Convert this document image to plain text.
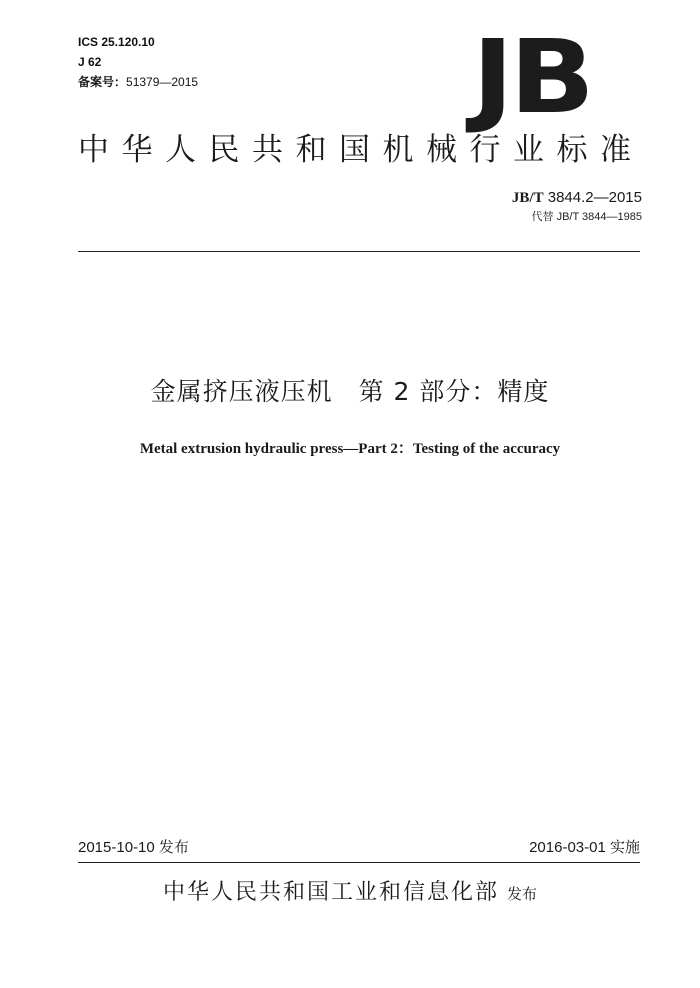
ICS 25.120.10
J 62
备案号：51379—2015	JB
中华人民共和国机械行业标准
JB/T 3844.2—2015
代替 JB/T 3844—1985
金属挤压液压机　第 2 部分：精度
Metal extrusion hydraulic press—Part 2：Testing of the accuracy
2015-10-10 发布	2016-03-01 实施
中华人民共和国工业和信息化部 发布
